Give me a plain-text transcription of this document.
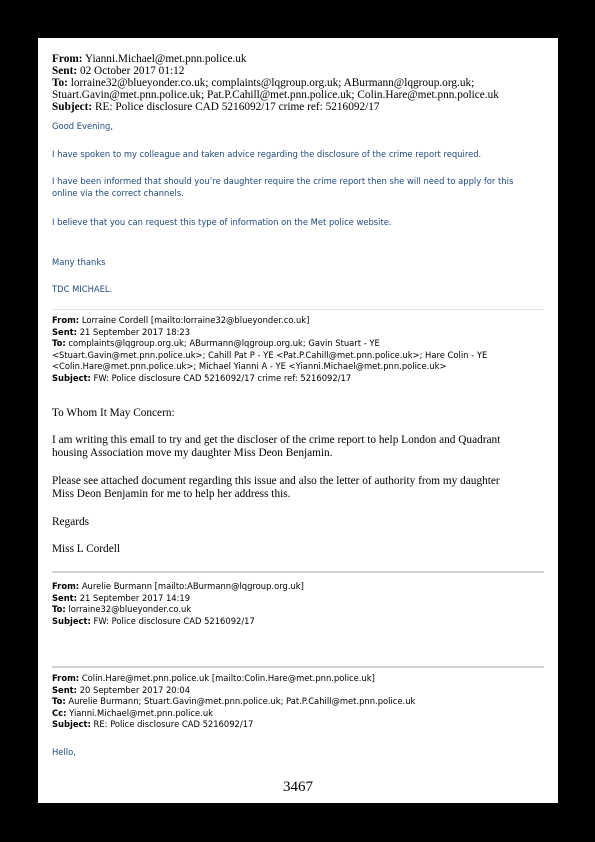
From: Yianni.Michael@met.pnn.police.uk
Sent: 02 October 2017 01:12
To: lorraine32@blueyonder.co.uk; complaints@lqgroup.org.uk; ABurmann@lqgroup.org.uk;
Stuart.Gavin@met.pnn.police.uk; Pat.P.Cahill@met.pnn.police.uk; Colin.Hare@met.pnn.police.uk
Subject: RE: Police disclosure CAD 5216092/17 crime ref: 5216092/17
Good Evening,
I have spoken to my colleague and taken advice regarding the disclosure of the crime report required.
I have been informed that should you’re daughter require the crime report then she will need to apply for this
online via the correct channels.
I believe that you can request this type of information on the Met police website.
Many thanks
TDC MICHAEL.
From: Lorraine Cordell [mailto:lorraine32@blueyonder.co.uk]
Sent: 21 September 2017 18:23
To: complaints@lqgroup.org.uk; ABurmann@lqgroup.org.uk; Gavin Stuart - YE
<Stuart.Gavin@met.pnn.police.uk>; Cahill Pat P - YE <Pat.P.Cahill@met.pnn.police.uk>; Hare Colin - YE
<Colin.Hare@met.pnn.police.uk>; Michael Yianni A - YE <Yianni.Michael@met.pnn.police.uk>
Subject: FW: Police disclosure CAD 5216092/17 crime ref: 5216092/17
To Whom It May Concern:
I am writing this email to try and get the discloser of the crime report to help London and Quadrant
housing Association move my daughter Miss Deon Benjamin.
Please see attached document regarding this issue and also the letter of authority from my daughter
Miss Deon Benjamin for me to help her address this.
Regards
Miss L Cordell
From: Aurelie Burmann [mailto:ABurmann@lqgroup.org.uk]
Sent: 21 September 2017 14:19
To: lorraine32@blueyonder.co.uk
Subject: FW: Police disclosure CAD 5216092/17
From: Colin.Hare@met.pnn.police.uk [mailto:Colin.Hare@met.pnn.police.uk]
Sent: 20 September 2017 20:04
To: Aurelie Burmann; Stuart.Gavin@met.pnn.police.uk; Pat.P.Cahill@met.pnn.police.uk
Cc: Yianni.Michael@met.pnn.police.uk
Subject: RE: Police disclosure CAD 5216092/17
Hello,
3467
